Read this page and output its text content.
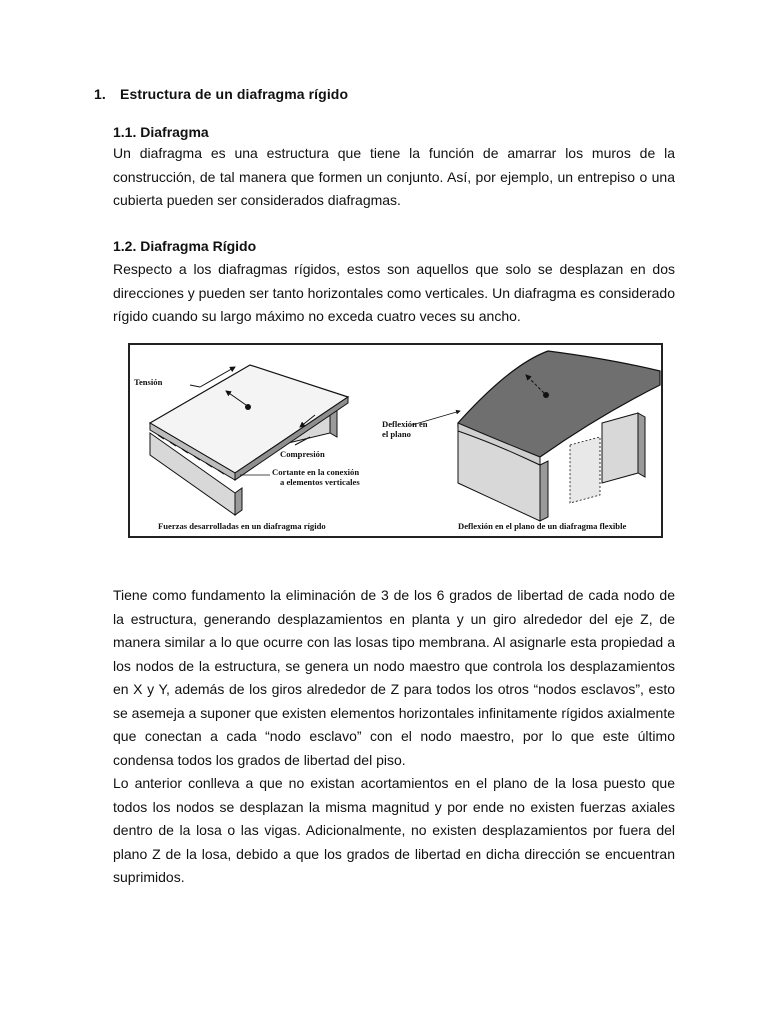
1. Estructura de un diafragma rígido
1.1. Diafragma

Un diafragma es una estructura que tiene la función de amarrar los muros de la construcción, de tal manera que formen un conjunto. Así, por ejemplo, un entrepiso o una cubierta pueden ser considerados diafragmas.

1.2. Diafragma Rígido

Respecto a los diafragmas rígidos, estos son aquellos que solo se desplazan en dos direcciones y pueden ser tanto horizontales como verticales. Un diafragma es considerado rígido cuando su largo máximo no exceda cuatro veces su ancho.

Tensión
Compresión
Cortante en la conexión
a elementos verticales
Fuerzas desarrolladas en un diafragma rígido
Deflexión en
el plano
Deflexión en el plano de un diafragma flexible

Tiene como fundamento la eliminación de 3 de los 6 grados de libertad de cada nodo de la estructura, generando desplazamientos en planta y un giro alrededor del eje Z, de manera similar a lo que ocurre con las losas tipo membrana. Al asignarle esta propiedad a los nodos de la estructura, se genera un nodo maestro que controla los desplazamientos en X y Y, además de los giros alrededor de Z para todos los otros “nodos esclavos”, esto se asemeja a suponer que existen elementos horizontales infinitamente rígidos axialmente que conectan a cada “nodo esclavo” con el nodo maestro, por lo que este último condensa todos los grados de libertad del piso.

Lo anterior conlleva a que no existan acortamientos en el plano de la losa puesto que todos los nodos se desplazan la misma magnitud y por ende no existen fuerzas axiales dentro de la losa o las vigas. Adicionalmente, no existen desplazamientos por fuera del plano Z de la losa, debido a que los grados de libertad en dicha dirección se encuentran suprimidos.
